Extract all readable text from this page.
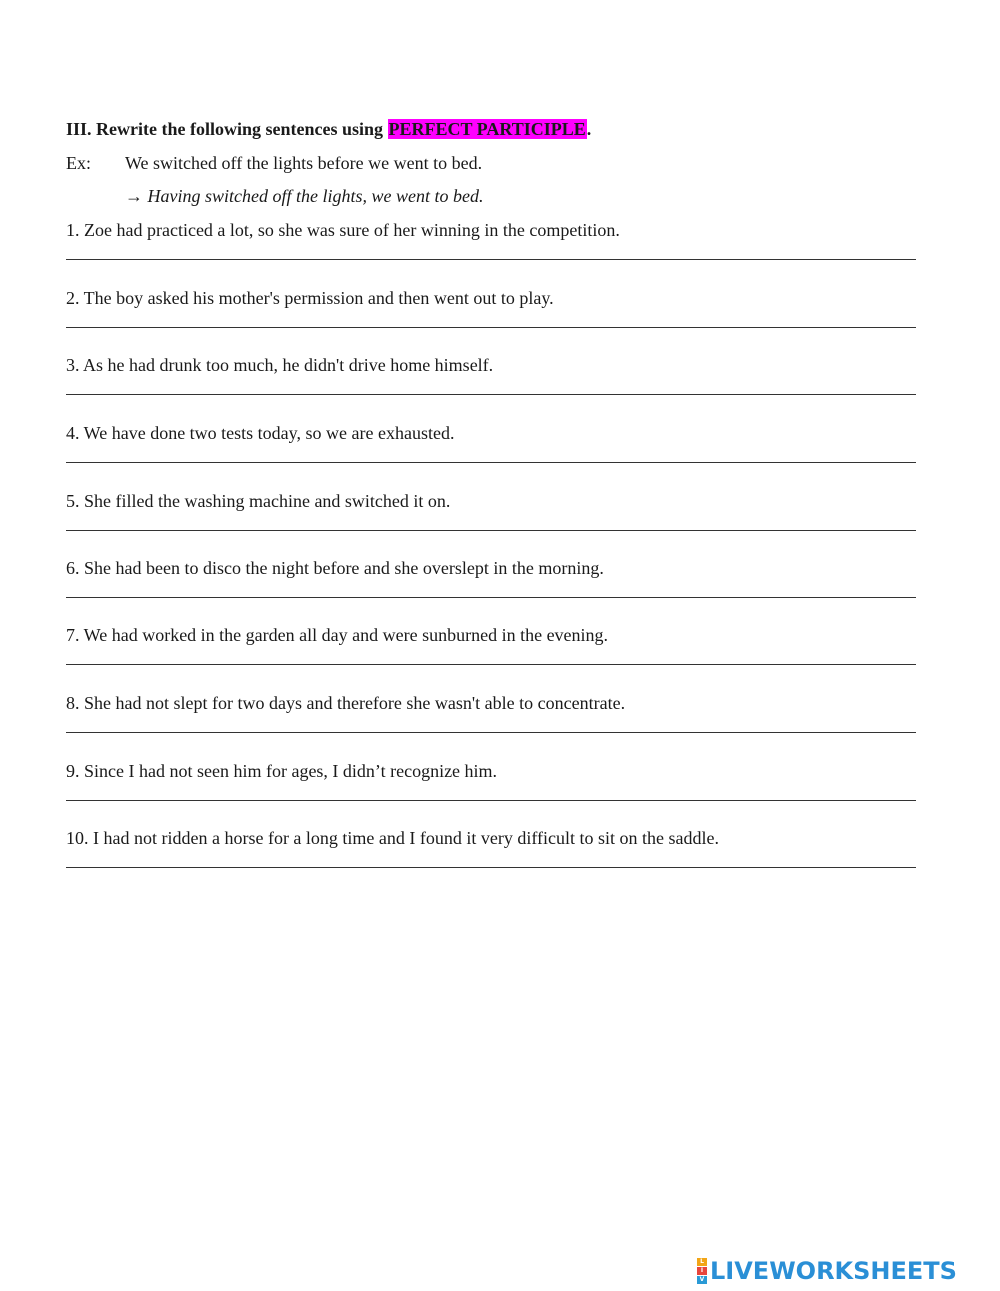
III. Rewrite the following sentences using PERFECT PARTICIPLE.
Ex: We switched off the lights before we went to bed.
→ Having switched off the lights, we went to bed.
1. Zoe had practiced a lot, so she was sure of her winning in the competition.
2. The boy asked his mother's permission and then went out to play.
3. As he had drunk too much, he didn't drive home himself.
4. We have done two tests today, so we are exhausted.
5. She filled the washing machine and switched it on.
6. She had been to disco the night before and she overslept in the morning.
7. We had worked in the garden all day and were sunburned in the evening.
8. She had not slept for two days and therefore she wasn't able to concentrate.
9. Since I had not seen him for ages, I didn’t recognize him.
10. I had not ridden a horse for a long time and I found it very difficult to sit on the saddle.
L
I
V LIVEWORKSHEETS
